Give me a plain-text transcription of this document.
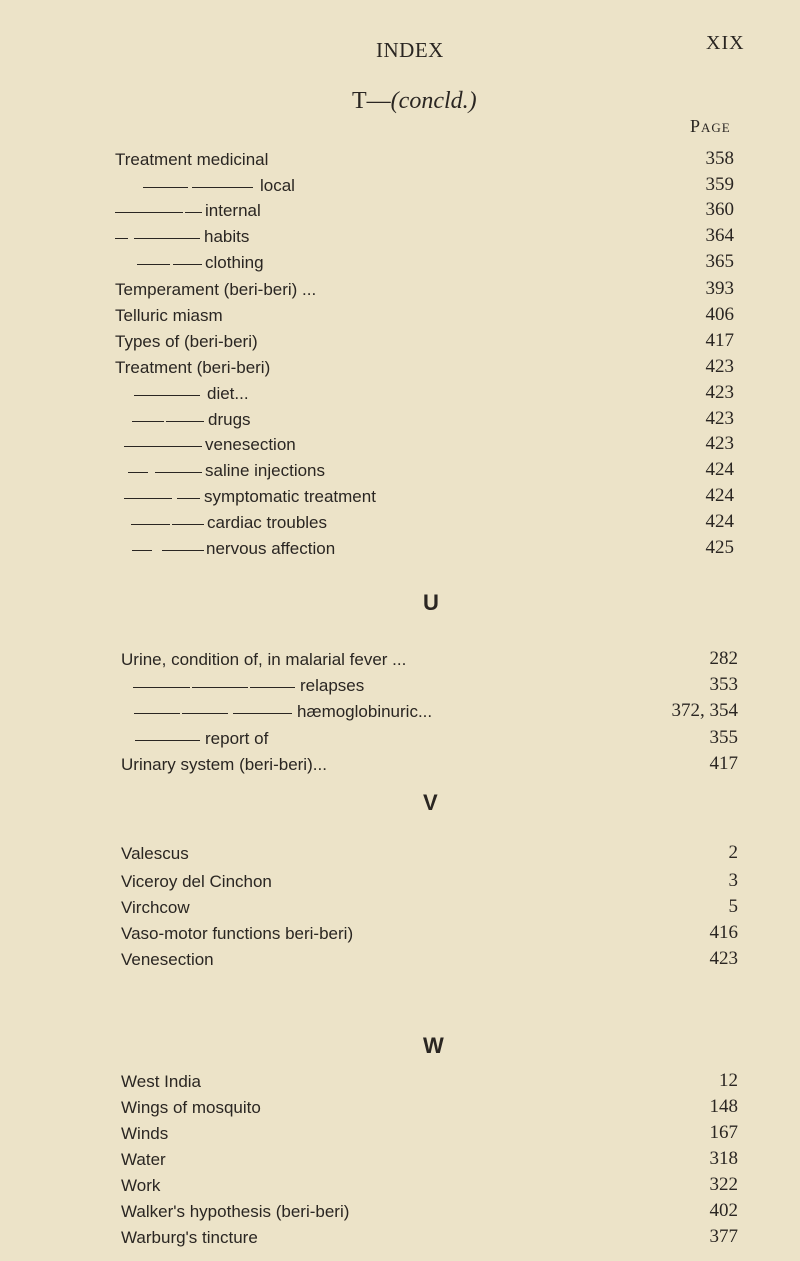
INDEX	XIX
T—(concld.)
Page
Treatment medicinal	358
local	359
internal	360
habits	364
clothing	365
Temperament (beri-beri) ...	393
Telluric miasm	406
Types of (beri-beri)	417
Treatment (beri-beri)	423
diet...	423
drugs	423
venesection	423
saline injections	424
symptomatic treatment	424
cardiac troubles	424
nervous affection	425
U
Urine, condition of, in malarial fever ...	282
relapses	353
hæmoglobinuric...	372, 354
report of	355
Urinary system (beri-beri)...	417
V
Valescus	2
Viceroy del Cinchon	3
Virchcow	5
Vaso-motor functions beri-beri)	416
Venesection	423
W
West India	12
Wings of mosquito	148
Winds	167
Water	318
Work	322
Walker's hypothesis (beri-beri)	402
Warburg's tincture	377
